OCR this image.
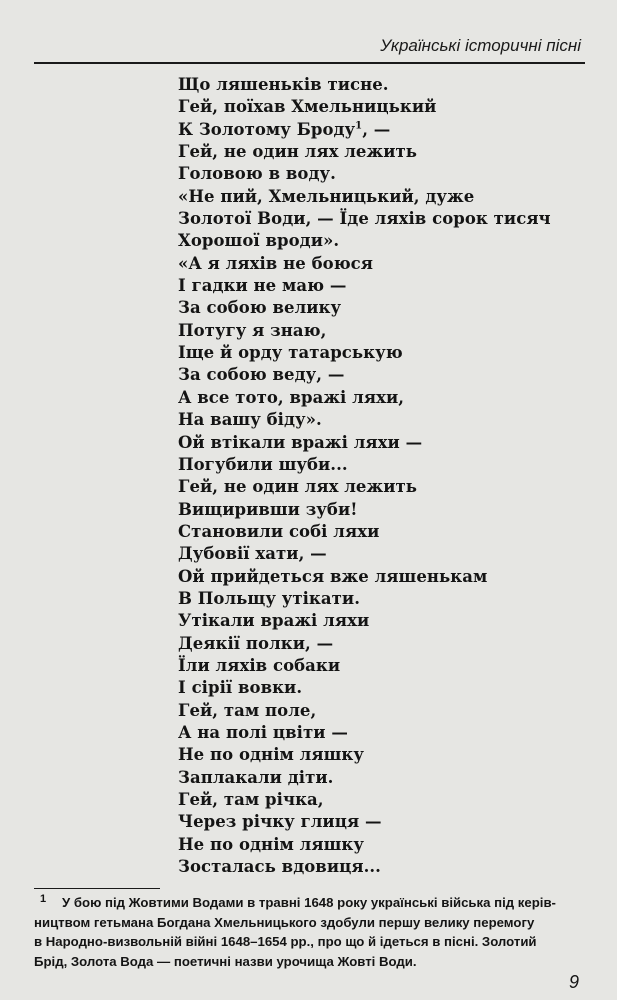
Українські історичні пісні
Що ляшеньків тисне.
Гей, поїхав Хмельницький
К Золотому Броду$^1$, —
Гей, не один лях лежить
Головою в воду.
«Не пий, Хмельницький, дуже
Золотої Води, — Їде ляхів сорок тисяч
Хорошої вроди».
«А я ляхів не боюся
І гадки не маю —
За собою велику
Потугу я знаю,
Іще й орду татарськую
За собою веду, —
А все тото, вражі ляхи,
На вашу біду».
Ой втікали вражі ляхи —
Погубили шуби...
Гей, не один лях лежить
Вищиривши зуби!
Становили собі ляхи
Дубовії хати, —
Ой прийдеться вже ляшенькам
В Польщу утікати.
Утікали вражі ляхи
Деякії полки, —
Їли ляхів собаки
І сірії вовки.
Гей, там поле,
А на полі цвіти —
Не по однім ляшку
Заплакали діти.
Гей, там річка,
Через річку глиця —
Не по однім ляшку
Зосталась вдовиця...
1	У бою під Жовтими Водами в травні 1648 року українські війська під керів-
ництвом гетьмана Богдана Хмельницького здобули першу велику перемогу
в Народно-визвольній війні 1648–1654 рр., про що й ідеться в пісні. Золотий
Брід, Золота Вода — поетичні назви урочища Жовті Води.
9
